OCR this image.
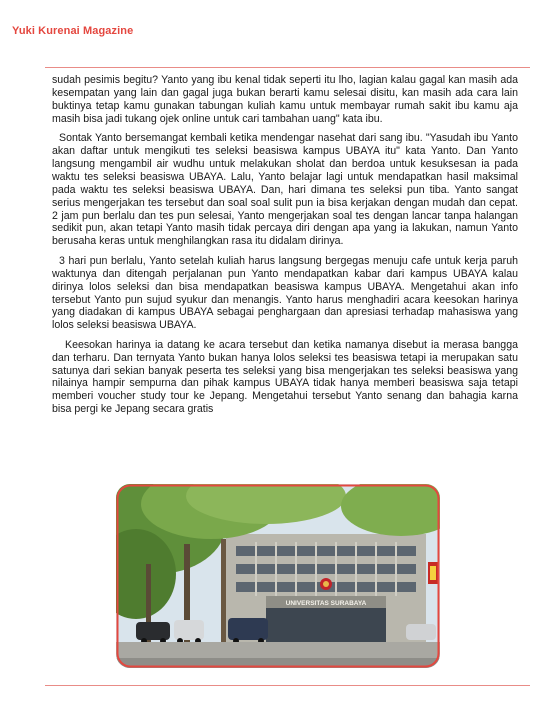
Yuki Kurenai Magazine

sudah pesimis begitu? Yanto yang ibu kenal tidak seperti itu lho, lagian kalau gagal kan masih ada kesempatan yang lain dan gagal juga bukan berarti kamu selesai disitu, kan masih ada cara lain buktinya tetap kamu gunakan tabungan kuliah kamu untuk membayar rumah sakit ibu kamu aja masih bisa jadi tukang ojek online untuk cari tambahan uang" kata ibu.

Sontak Yanto bersemangat kembali ketika mendengar nasehat dari sang ibu. "Yasudah ibu Yanto akan daftar untuk mengikuti tes seleksi beasiswa kampus UBAYA itu" kata Yanto. Dan Yanto langsung mengambil air wudhu untuk melakukan sholat dan berdoa untuk kesuksesan ia pada waktu tes seleksi beasiswa UBAYA. Lalu, Yanto belajar lagi untuk mendapatkan hasil maksimal pada waktu tes seleksi beasiswa UBAYA. Dan, hari dimana tes seleksi pun tiba. Yanto sangat serius mengerjakan tes tersebut dan soal soal sulit pun ia bisa kerjakan dengan mudah dan cepat. 2 jam pun berlalu dan tes pun selesai, Yanto mengerjakan soal tes dengan lancar tanpa halangan sedikit pun, akan tetapi Yanto masih tidak percaya diri dengan apa yang ia lakukan, namun Yanto berusaha keras untuk menghilangkan rasa itu didalam dirinya.

3 hari pun berlalu, Yanto setelah kuliah harus langsung bergegas menuju cafe untuk kerja paruh waktunya dan ditengah perjalanan pun Yanto mendapatkan kabar dari kampus UBAYA kalau dirinya lolos seleksi dan bisa mendapatkan beasiswa kampus UBAYA. Mengetahui akan info tersebut Yanto pun sujud syukur dan menangis. Yanto harus menghadiri acara keesokan harinya yang diadakan di kampus UBAYA sebagai penghargaan dan apresiasi terhadap mahasiswa yang lolos seleksi beasiswa UBAYA.

Keesokan harinya ia datang ke acara tersebut dan ketika namanya disebut ia merasa bangga dan terharu. Dan ternyata Yanto bukan hanya lolos seleksi tes beasiswa tetapi ia merupakan satu satunya dari sekian banyak peserta tes seleksi yang bisa mengerjakan tes seleksi beasiswa yang nilainya hampir sempurna dan pihak kampus UBAYA tidak hanya memberi beasiswa saja tetapi memberi voucher study tour ke Jepang. Mengetahui tersebut Yanto senang dan bahagia karna bisa pergi ke Jepang secara gratis

UNIVERSITAS SURABAYA
